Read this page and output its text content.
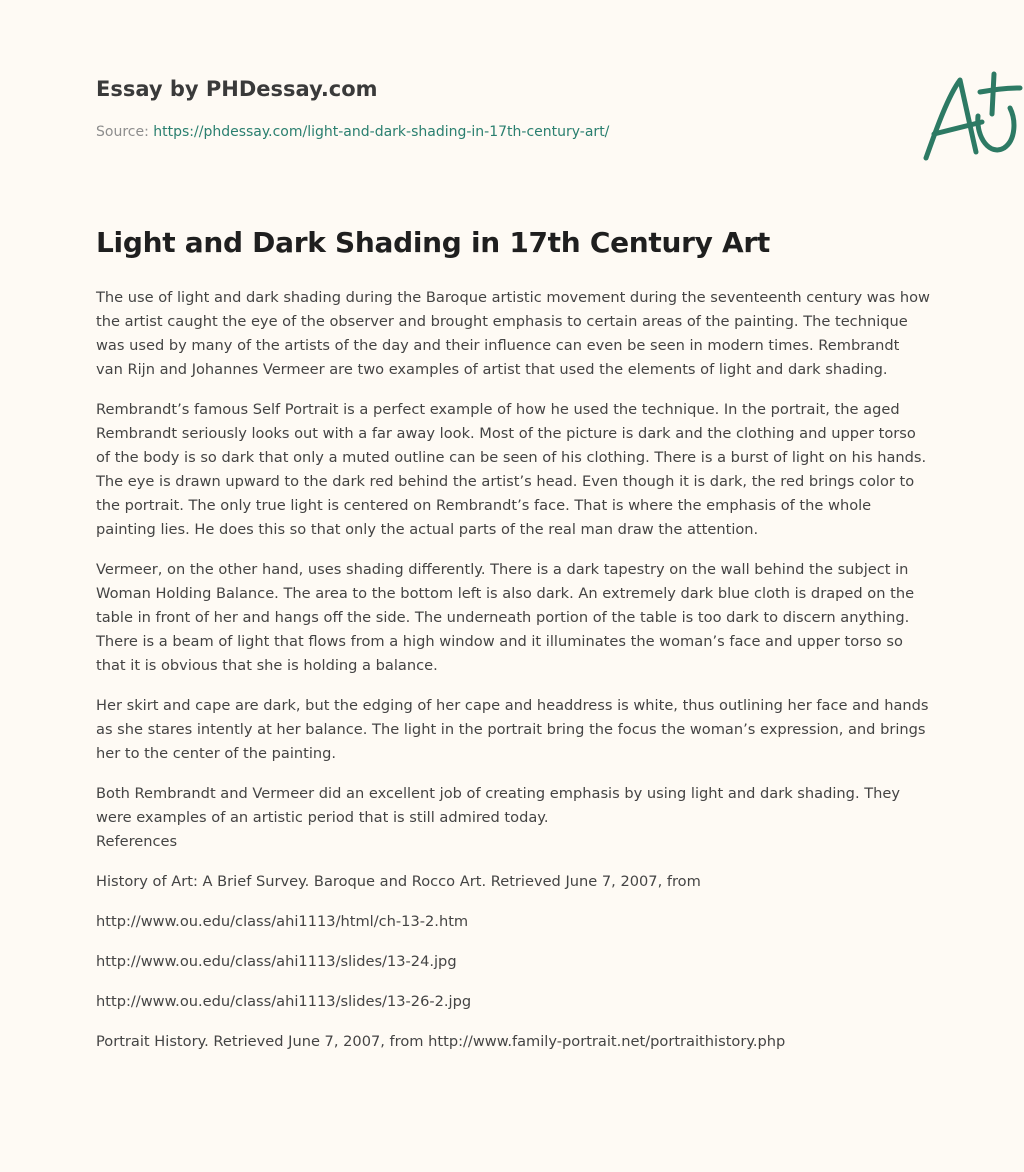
Essay by PHDessay.com
Source: https://phdessay.com/light-and-dark-shading-in-17th-century-art/
Light and Dark Shading in 17th Century Art

The use of light and dark shading during the Baroque artistic movement during the seventeenth century was how the artist caught the eye of the observer and brought emphasis to certain areas of the painting. The technique was used by many of the artists of the day and their influence can even be seen in modern times. Rembrandt van Rijn and Johannes Vermeer are two examples of artist that used the elements of light and dark shading.

Rembrandt’s famous Self Portrait is a perfect example of how he used the technique. In the portrait, the aged Rembrandt seriously looks out with a far away look. Most of the picture is dark and the clothing and upper torso of the body is so dark that only a muted outline can be seen of his clothing. There is a burst of light on his hands. The eye is drawn upward to the dark red behind the artist’s head. Even though it is dark, the red brings color to the portrait. The only true light is centered on Rembrandt’s face. That is where the emphasis of the whole painting lies. He does this so that only the actual parts of the real man draw the attention.

Vermeer, on the other hand, uses shading differently. There is a dark tapestry on the wall behind the subject in Woman Holding Balance. The area to the bottom left is also dark. An extremely dark blue cloth is draped on the table in front of her and hangs off the side. The underneath portion of the table is too dark to discern anything. There is a beam of light that flows from a high window and it illuminates the woman’s face and upper torso so that it is obvious that she is holding a balance.

Her skirt and cape are dark, but the edging of her cape and headdress is white, thus outlining her face and hands as she stares intently at her balance. The light in the portrait bring the focus the woman’s expression, and brings her to the center of the painting.

Both Rembrandt and Vermeer did an excellent job of creating emphasis by using light and dark shading. They were examples of an artistic period that is still admired today.

References

History of Art: A Brief Survey. Baroque and Rocco Art. Retrieved June 7, 2007, from

http://www.ou.edu/class/ahi1113/html/ch-13-2.htm

http://www.ou.edu/class/ahi1113/slides/13-24.jpg

http://www.ou.edu/class/ahi1113/slides/13-26-2.jpg

Portrait History. Retrieved June 7, 2007, from http://www.family-portrait.net/portraithistory.php
